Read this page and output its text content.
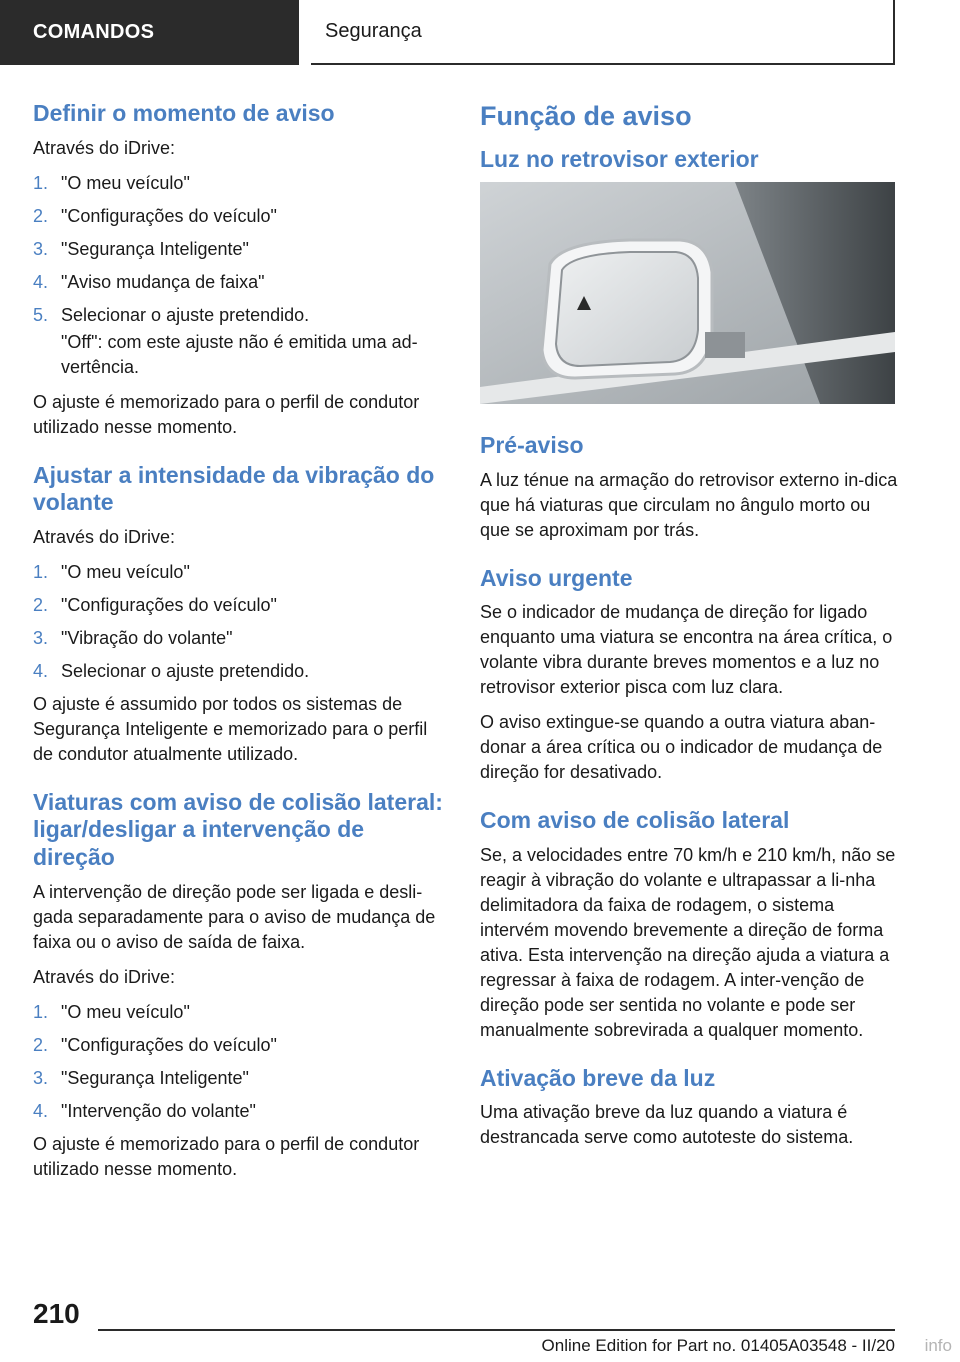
COMANDOS	Segurança
Definir o momento de aviso

Através do iDrive:

1. "O meu veículo"
2. "Configurações do veículo"
3. "Segurança Inteligente"
4. "Aviso mudança de faixa"
5. Selecionar o ajuste pretendido.
"Off": com este ajuste não é emitida uma ad-vertência.

O ajuste é memorizado para o perfil de condutor utilizado nesse momento.

Ajustar a intensidade da vibração do volante

Através do iDrive:

1. "O meu veículo"
2. "Configurações do veículo"
3. "Vibração do volante"
4. Selecionar o ajuste pretendido.

O ajuste é assumido por todos os sistemas de Segurança Inteligente e memorizado para o perfil de condutor atualmente utilizado.

Viaturas com aviso de colisão lateral: ligar/desligar a intervenção de direção

A intervenção de direção pode ser ligada e desli-gada separadamente para o aviso de mudança de faixa ou o aviso de saída de faixa.

Através do iDrive:

1. "O meu veículo"
2. "Configurações do veículo"
3. "Segurança Inteligente"
4. "Intervenção do volante"

O ajuste é memorizado para o perfil de condutor utilizado nesse momento.

Função de aviso
Luz no retrovisor exterior
Pré-aviso

A luz ténue na armação do retrovisor externo in-dica que há viaturas que circulam no ângulo morto ou que se aproximam por trás.

Aviso urgente

Se o indicador de mudança de direção for ligado enquanto uma viatura se encontra na área crítica, o volante vibra durante breves momentos e a luz no retrovisor exterior pisca com luz clara.

O aviso extingue-se quando a outra viatura aban-donar a área crítica ou o indicador de mudança de direção for desativado.

Com aviso de colisão lateral

Se, a velocidades entre 70 km/h e 210 km/h, não se reagir à vibração do volante e ultrapassar a li-nha delimitadora da faixa de rodagem, o sistema intervém movendo brevemente a direção de forma ativa. Esta intervenção na direção ajuda a viatura a regressar à faixa de rodagem. A inter-venção de direção pode ser sentida no volante e pode ser manualmente sobrevirada a qualquer momento.

Ativação breve da luz

Uma ativação breve da luz quando a viatura é destrancada serve como autoteste do sistema.

210
Online Edition for Part no. 01405A03548 - II/20 info
